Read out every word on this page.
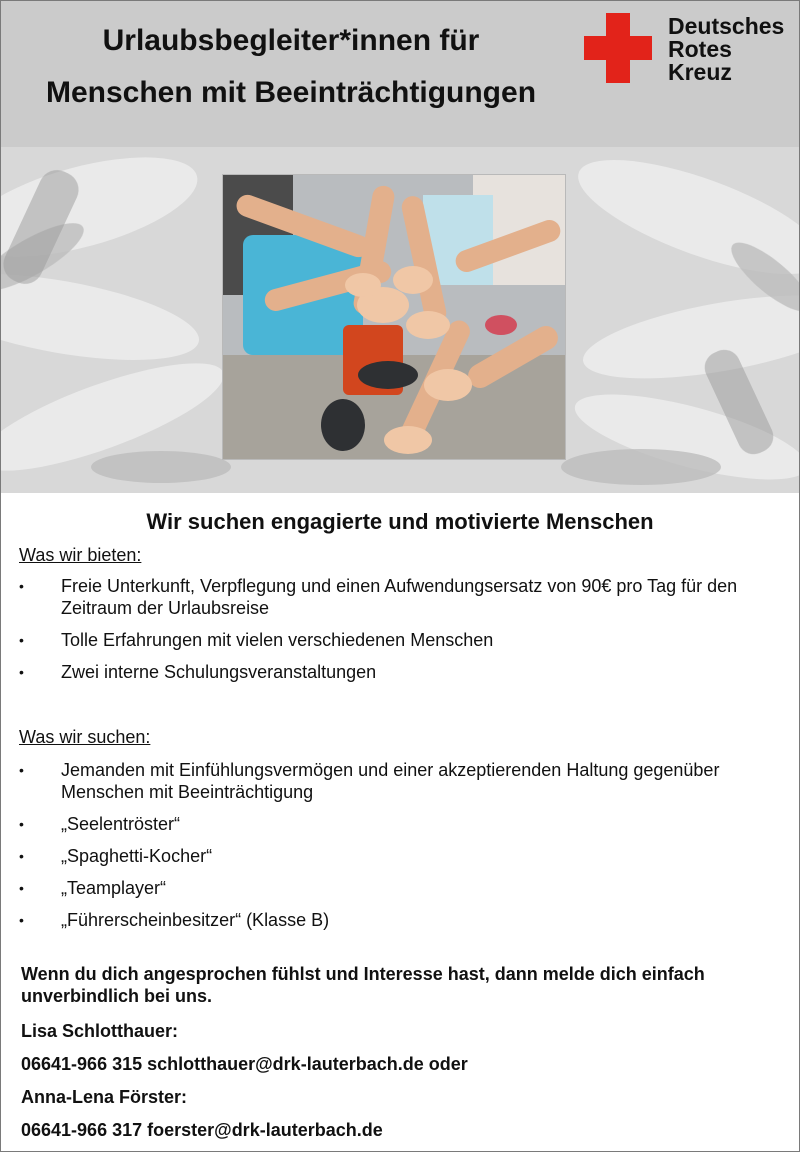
Urlaubsbegleiter*innen für
Menschen mit Beeinträchtigungen
Deutsches
Rotes
Kreuz
Wir suchen engagierte und motivierte Menschen
Was wir bieten:
• Freie Unterkunft, Verpflegung und einen Aufwendungsersatz von 90€ pro Tag für den Zeitraum der Urlaubsreise
• Tolle Erfahrungen mit vielen verschiedenen Menschen
• Zwei interne Schulungsveranstaltungen
Was wir suchen:
• Jemanden mit Einfühlungsvermögen und einer akzeptierenden Haltung gegenüber Menschen mit Beeinträchtigung
• „Seelentröster“
• „Spaghetti-Kocher“
• „Teamplayer“
• „Führerscheinbesitzer“ (Klasse B)
Wenn du dich angesprochen fühlst und Interesse hast, dann melde dich einfach unverbindlich bei uns.
Lisa Schlotthauer:
06641-966 315 schlotthauer@drk-lauterbach.de oder
Anna-Lena Förster:
06641-966 317 foerster@drk-lauterbach.de
